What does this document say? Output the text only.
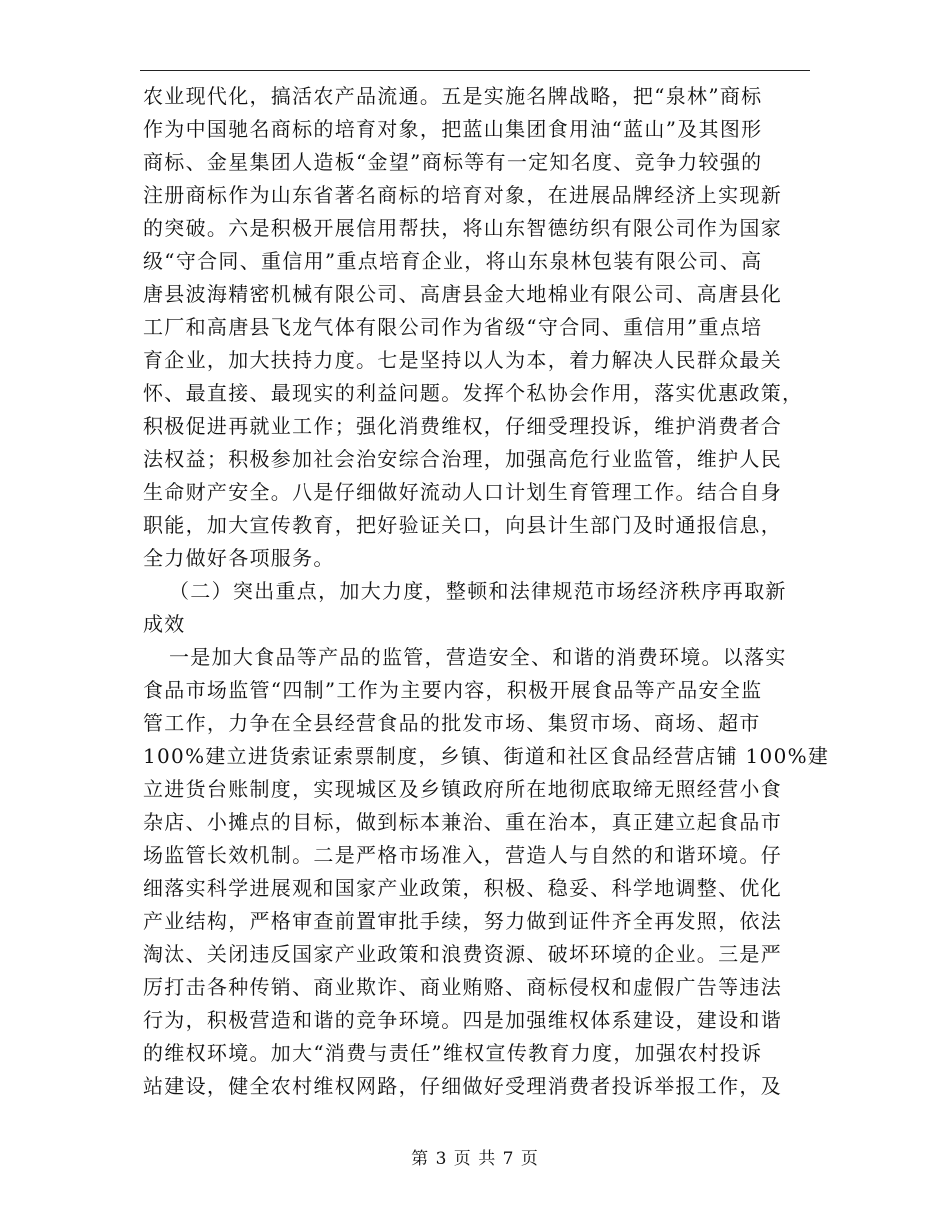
农业现代化，搞活农产品流通。五是实施名牌战略，把“泉林”商标
作为中国驰名商标的培育对象，把蓝山集团食用油“蓝山”及其图形
商标、金星集团人造板“金望”商标等有一定知名度、竞争力较强的
注册商标作为山东省著名商标的培育对象，在进展品牌经济上实现新
的突破。六是积极开展信用帮扶，将山东智德纺织有限公司作为国家
级“守合同、重信用”重点培育企业，将山东泉林包装有限公司、高
唐县波海精密机械有限公司、高唐县金大地棉业有限公司、高唐县化
工厂和高唐县飞龙气体有限公司作为省级“守合同、重信用”重点培
育企业，加大扶持力度。七是坚持以人为本，着力解决人民群众最关
怀、最直接、最现实的利益问题。发挥个私协会作用，落实优惠政策，
积极促进再就业工作；强化消费维权，仔细受理投诉，维护消费者合
法权益；积极参加社会治安综合治理，加强高危行业监管，维护人民
生命财产安全。八是仔细做好流动人口计划生育管理工作。结合自身
职能，加大宣传教育，把好验证关口，向县计生部门及时通报信息，
全力做好各项服务。
（二）突出重点，加大力度，整顿和法律规范市场经济秩序再取新
成效
一是加大食品等产品的监管，营造安全、和谐的消费环境。以落实
食品市场监管“四制”工作为主要内容，积极开展食品等产品安全监
管工作，力争在全县经营食品的批发市场、集贸市场、商场、超市
100%建立进货索证索票制度，乡镇、街道和社区食品经营店铺 100%建
立进货台账制度，实现城区及乡镇政府所在地彻底取缔无照经营小食
杂店、小摊点的目标，做到标本兼治、重在治本，真正建立起食品市
场监管长效机制。二是严格市场准入，营造人与自然的和谐环境。仔
细落实科学进展观和国家产业政策，积极、稳妥、科学地调整、优化
产业结构，严格审查前置审批手续，努力做到证件齐全再发照，依法
淘汰、关闭违反国家产业政策和浪费资源、破坏环境的企业。三是严
厉打击各种传销、商业欺诈、商业贿赂、商标侵权和虚假广告等违法
行为，积极营造和谐的竞争环境。四是加强维权体系建设，建设和谐
的维权环境。加大“消费与责任”维权宣传教育力度，加强农村投诉
站建设，健全农村维权网路，仔细做好受理消费者投诉举报工作，及
第 3 页 共 7 页
